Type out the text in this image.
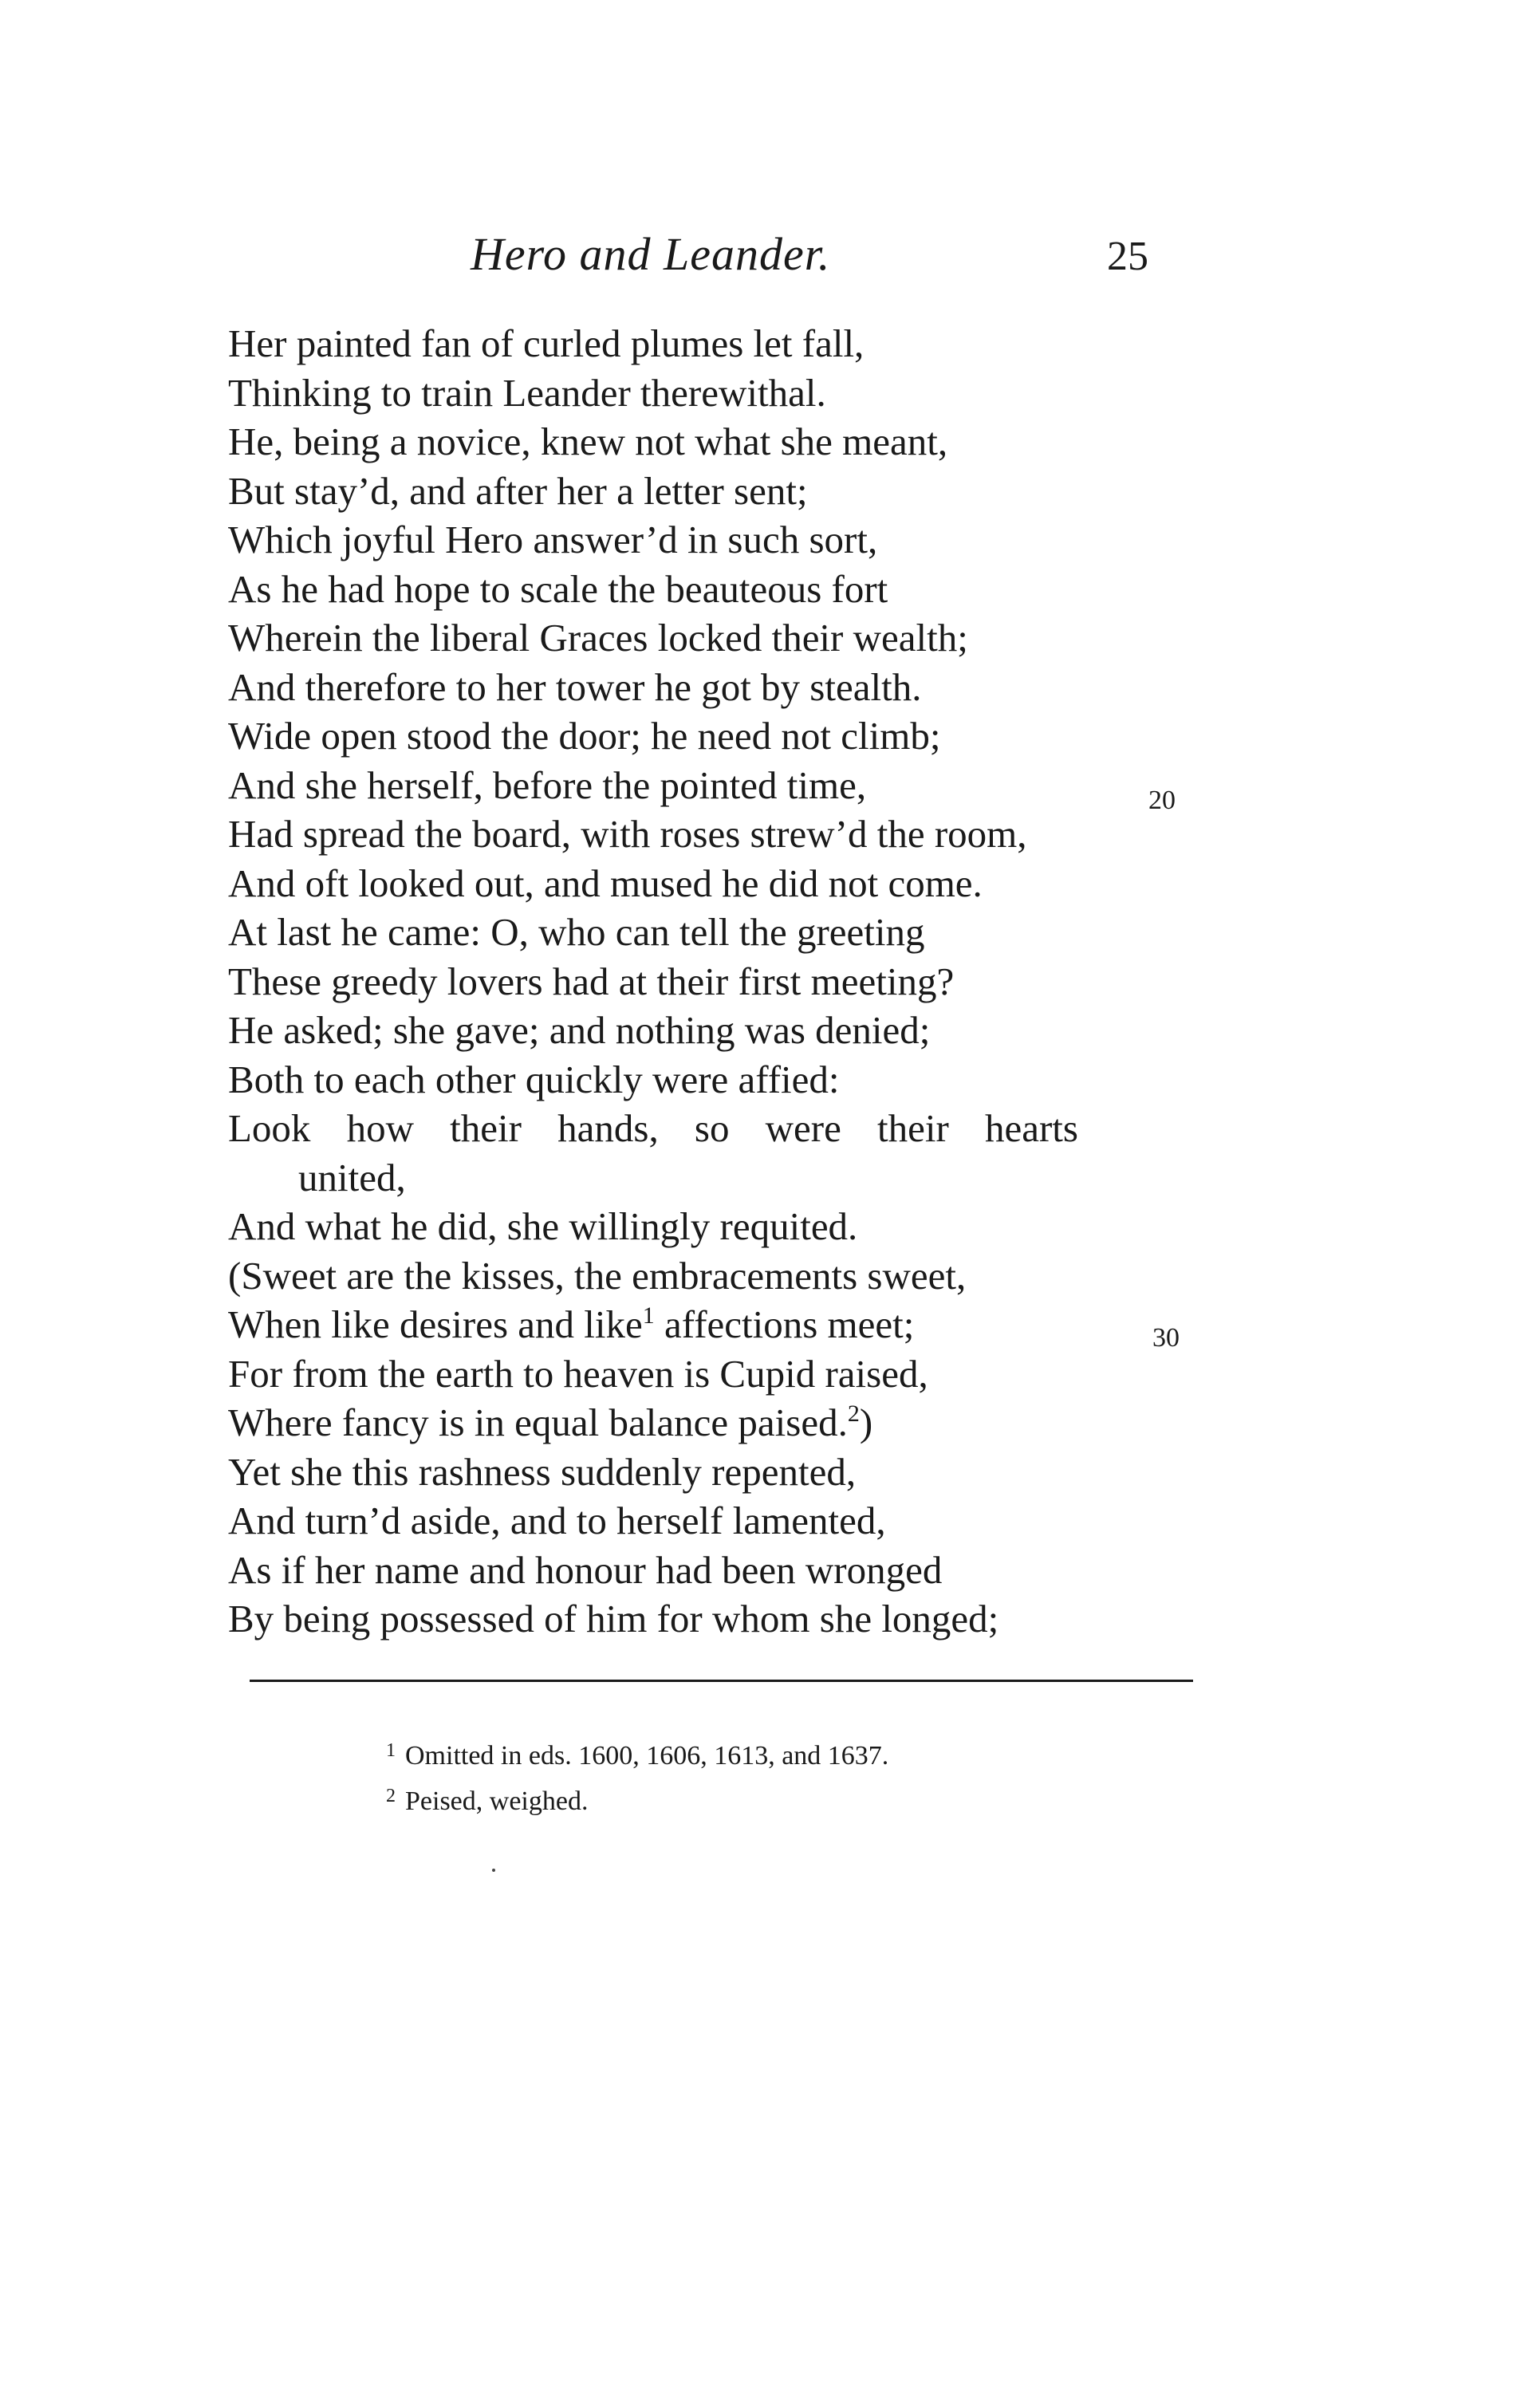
Hero and Leander.	25
Her painted fan of curled plumes let fall,
Thinking to train Leander therewithal.
He, being a novice, knew not what she meant,
But stay’d, and after her a letter sent;
Which joyful Hero answer’d in such sort,
As he had hope to scale the beauteous fort
Wherein the liberal Graces locked their wealth;
And therefore to her tower he got by stealth.
Wide open stood the door; he need not climb;
And she herself, before the pointed time,
Had spread the board, with roses strew’d the room,
And oft looked out, and mused he did not come.
At last he came: O, who can tell the greeting
These greedy lovers had at their first meeting?
He asked; she gave; and nothing was denied;
Both to each other quickly were affied:
Look how their hands, so were their hearts
united,
And what he did, she willingly requited.
(Sweet are the kisses, the embracements sweet,
When like desires and like$^1$ affections meet;
For from the earth to heaven is Cupid raised,
Where fancy is in equal balance paised.$^2$)
Yet she this rashness suddenly repented,
And turn’d aside, and to herself lamented,
As if her name and honour had been wronged
By being possessed of him for whom she longed;
20
30
$^1$ Omitted in eds. 1600, 1606, 1613, and 1637.
$^2$ Peised, weighed.
